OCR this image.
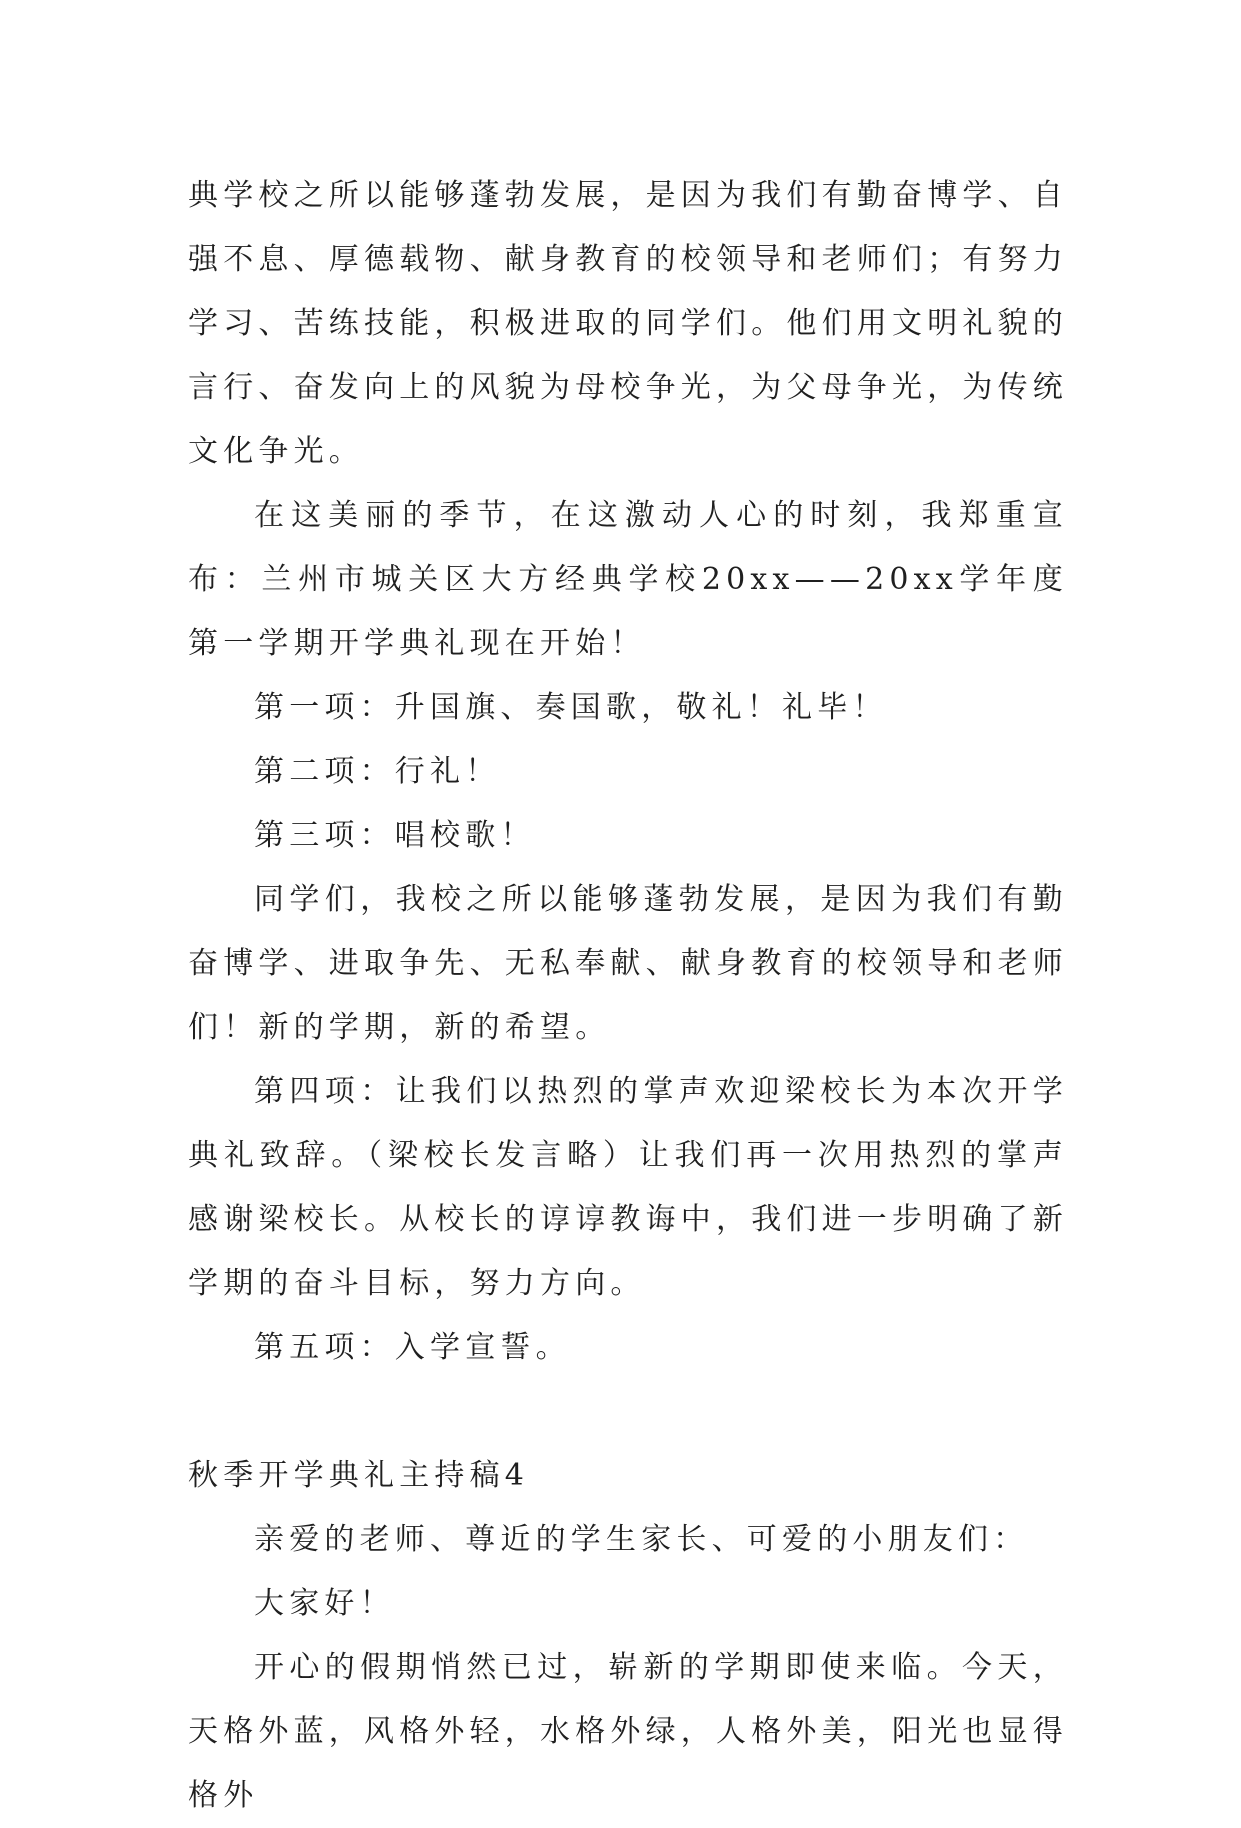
典学校之所以能够蓬勃发展，是因为我们有勤奋博学、自强不息、厚德载物、献身教育的校领导和老师们；有努力学习、苦练技能，积极进取的同学们。他们用文明礼貌的言行、奋发向上的风貌为母校争光，为父母争光，为传统文化争光。

在这美丽的季节，在这激动人心的时刻，我郑重宣布：兰州市城关区大方经典学校20xx——20xx学年度第一学期开学典礼现在开始！

第一项：升国旗、奏国歌，敬礼！礼毕！

第二项：行礼！

第三项：唱校歌！

同学们，我校之所以能够蓬勃发展，是因为我们有勤奋博学、进取争先、无私奉献、献身教育的校领导和老师们！新的学期，新的希望。

第四项：让我们以热烈的掌声欢迎梁校长为本次开学典礼致辞。（梁校长发言略）让我们再一次用热烈的掌声感谢梁校长。从校长的谆谆教诲中，我们进一步明确了新学期的奋斗目标，努力方向。

第五项：入学宣誓。

秋季开学典礼主持稿4

亲爱的老师、尊近的学生家长、可爱的小朋友们：

大家好！

开心的假期悄然已过，崭新的学期即使来临。今天，天格外蓝，风格外轻，水格外绿，人格外美，阳光也显得格外
